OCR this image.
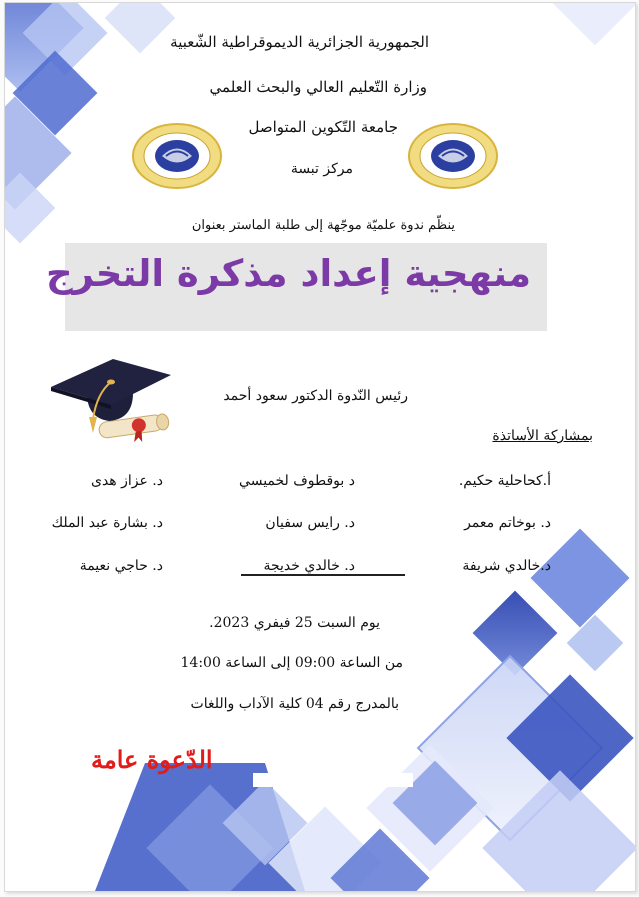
الجمهورية الجزائرية الديموقراطية الشّعبية
وزارة التّعليم العالي والبحث العلمي
جامعة التّكوين المتواصل
مركز تبسة
ينظّم ندوة علميّة موجّهة إلى طلبة الماستر بعنوان
منهجية إعداد مذكرة التخرج
رئيس النّدوة الدكتور سعود أحمد
بمشاركة الأساتذة
أ.كحاحلية حكيم.
د بوقطوف لخميسي
د. عزاز هدى
د. بوخاتم معمر
د. رايس سفيان
د. بشارة عبد الملك
د.خالدي شريفة
د. خالدي خديجة
د. حاجي نعيمة
يوم السبت 25 فيفري 2023.
من الساعة 09:00 إلى الساعة 14:00
بالمدرج رقم 04 كلية الآداب واللغات
الدّعوة عامة
